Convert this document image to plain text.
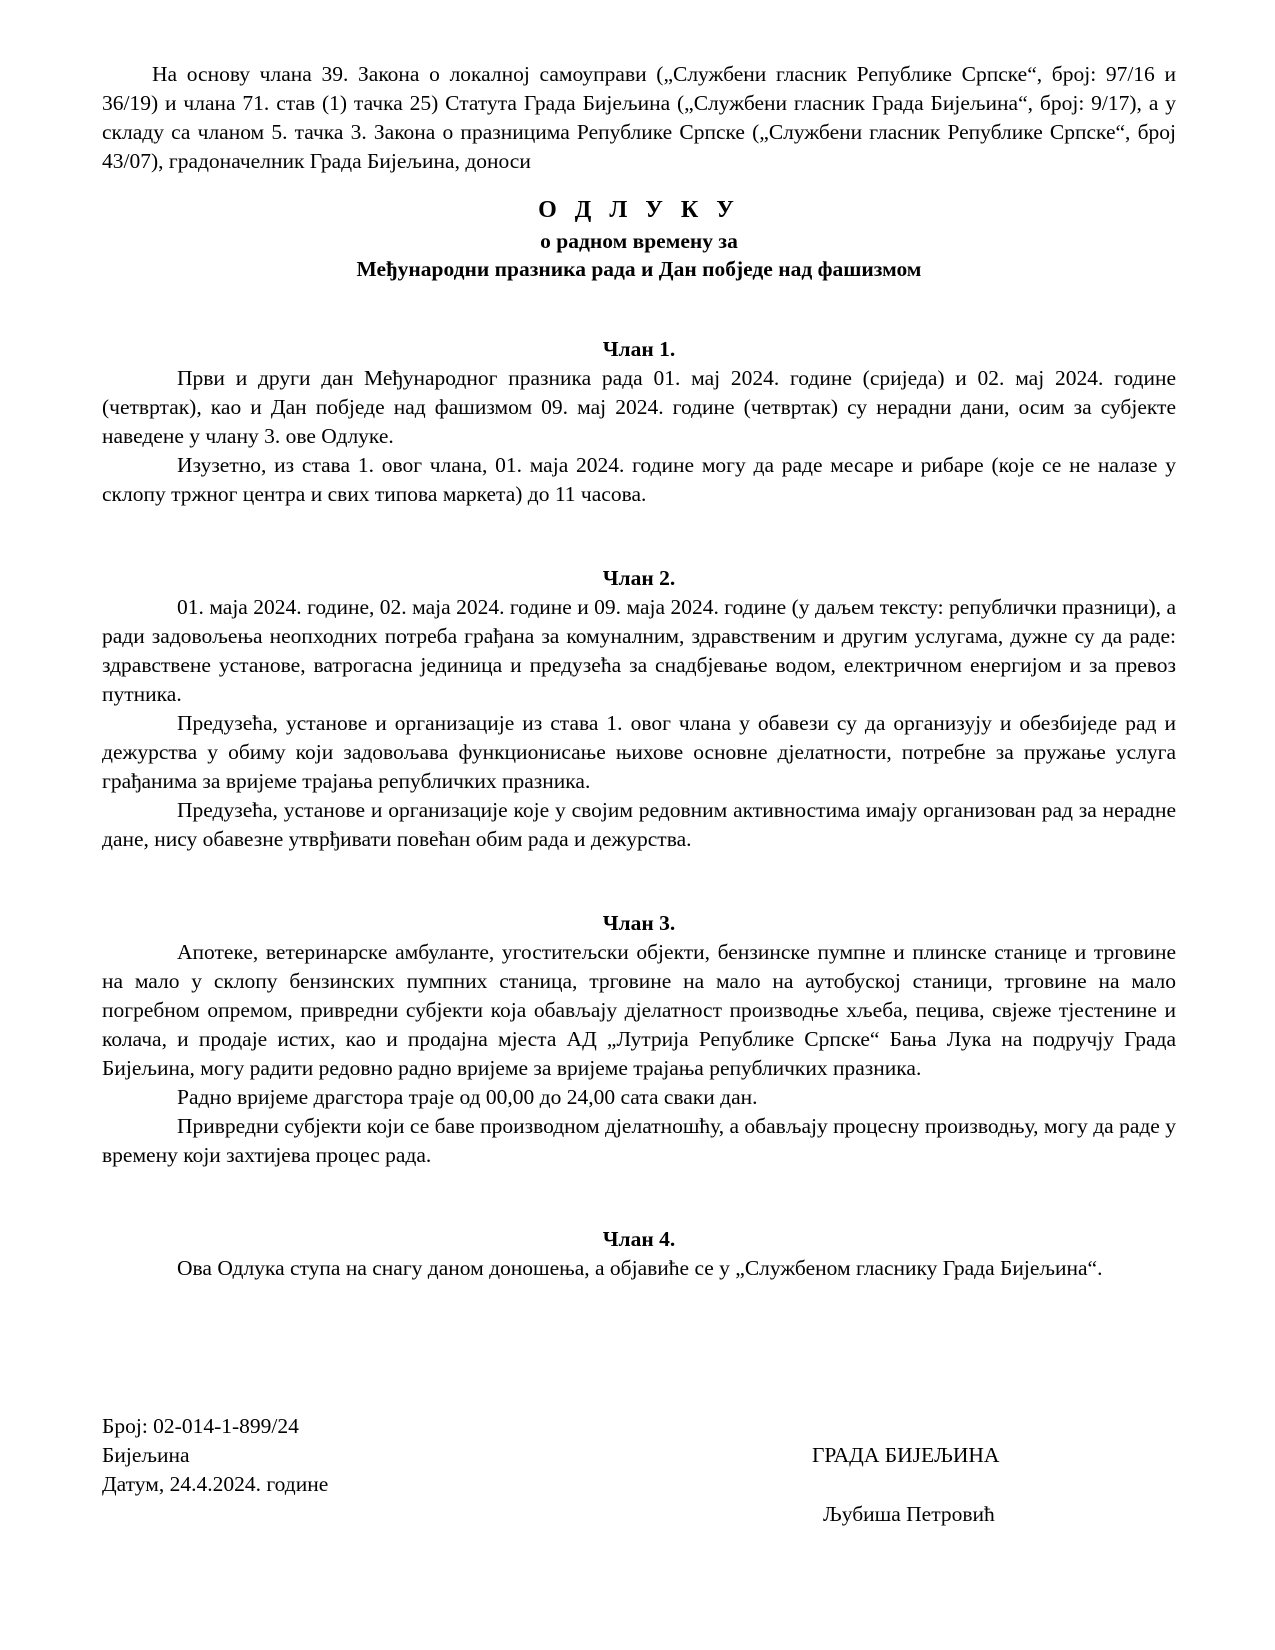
На основу члана 39. Закона о локалној самоуправи („Службени гласник Републике Српске“, број: 97/16 и 36/19) и члана 71. став (1) тачка 25) Статута Града Бијељина („Службени гласник Града Бијељина“, број: 9/17), а у складу са чланом 5. тачка 3. Закона о празницима Републике Српске („Службени гласник Републике Српске“, број 43/07), градоначелник Града Бијељина, доноси

О Д Л У К У
о радном времену за
Међународни празника рада и Дан побједе над фашизмом

Члан 1.

Први и други дан Међународног празника рада 01. мај 2024. године (сриједа) и 02. мај 2024. године (четвртак), као и Дан побједе над фашизмом 09. мај 2024. године (четвртак) су нерадни дани, осим за субјекте наведене у члану 3. ове Одлуке.

Изузетно, из става 1. овог члана, 01. маја 2024. године могу да раде месаре и рибаре (које се не налазе у склопу тржног центра и свих типова маркета) до 11 часова.

Члан 2.

01. маја 2024. године, 02. маја 2024. године и 09. маја 2024. године (у даљем тексту: републички празници), а ради задовољења неопходних потреба грађана за комуналним, здравственим и другим услугама, дужне су да раде: здравствене установе, ватрогасна јединица и предузећа за снадбјевање водом, електричном енергијом и за превоз путника.

Предузећа, установе и организације из става 1. овог члана у обавези су да организују и обезбиједе рад и дежурства у обиму који задовољава функционисање њихове основне дјелатности, потребне за пружање услуга грађанима за вријеме трајања републичких празника.

Предузећа, установе и организације које у својим редовним активностима имају организован рад за нерадне дане, нису обавезне утврђивати повећан обим рада и дежурства.

Члан 3.

Апотеке, ветеринарске амбуланте, угоститељски објекти, бензинске пумпне и плинске станице и трговине на мало у склопу бензинских пумпних станица, трговине на мало на аутобуској станици, трговине на мало погребном опремом, привредни субјекти која обављају дјелатност производње хљеба, пецива, свјеже тјестенине и колача, и продаје истих, као и продајна мјеста АД „Лутрија Републике Српске“ Бања Лука на подручју Града Бијељина, могу радити редовно радно вријеме за вријеме трајања републичких празника.

Радно вријеме драгстора траје од 00,00 до 24,00 сата сваки дан.

Привредни субјекти који се баве производном дјелатношћу, а обављају процесну производњу, могу да раде у времену који захтијева процес рада.

Члан 4.

Ова Одлука ступа на снагу даном доношења, а објавиће се у „Службеном гласнику Града Бијељина“.

Број: 02-014-1-899/24
Бијељина
Датум, 24.4.2024. године
ГРАДА БИЈЕЉИНА
Љубиша Петровић
